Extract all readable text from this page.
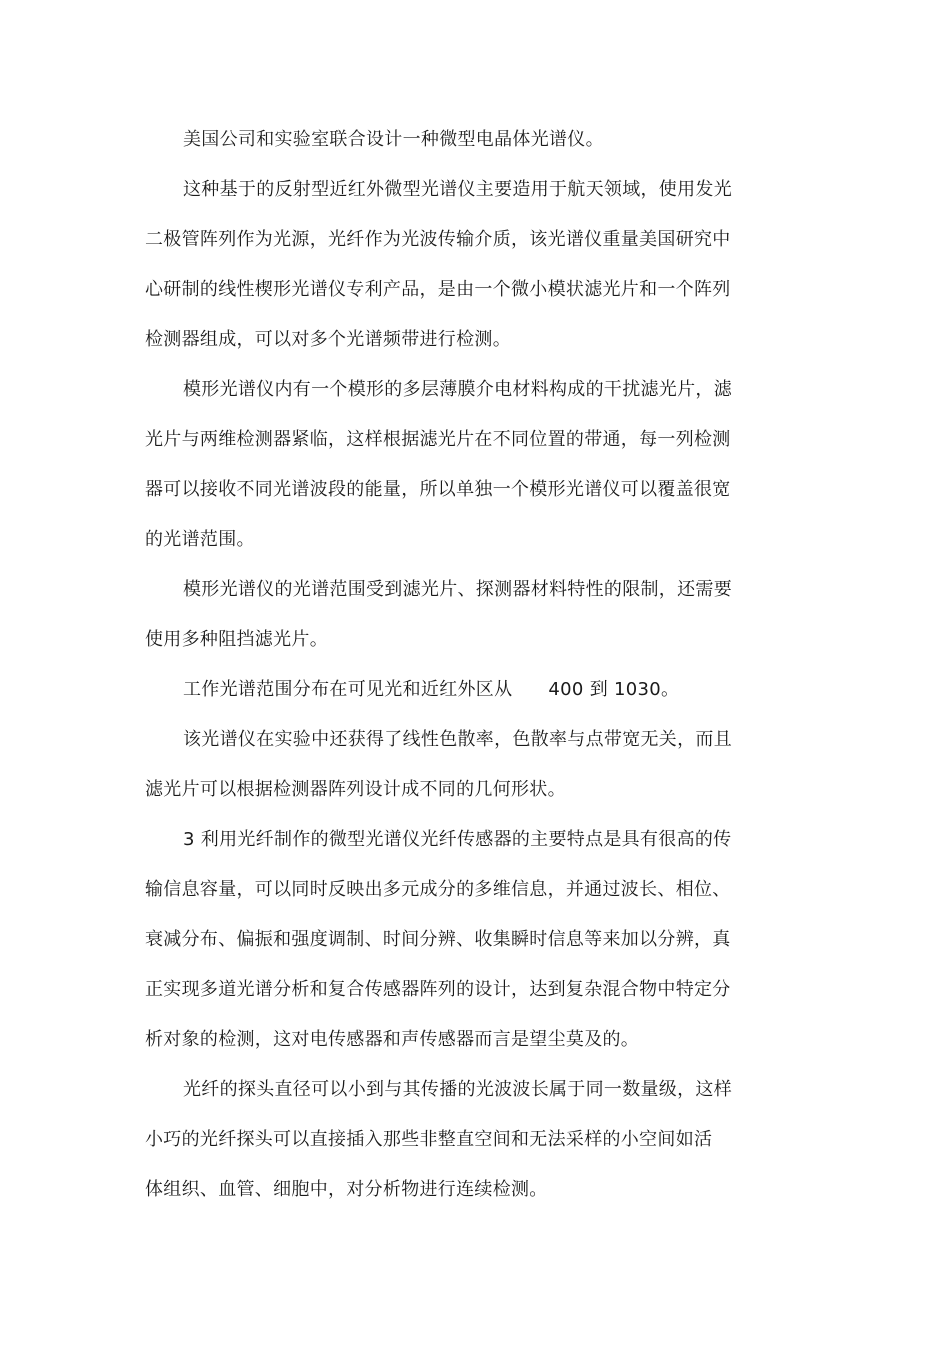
美国公司和实验室联合设计一种微型电晶体光谱仪。
这种基于的反射型近红外微型光谱仪主要造用于航天领域，使用发光
二极管阵列作为光源，光纤作为光波传输介质，该光谱仪重量美国研究中
心研制的线性楔形光谱仪专利产品，是由一个微小模状滤光片和一个阵列
检测器组成，可以对多个光谱频带进行检测。
模形光谱仪内有一个模形的多层薄膜介电材料构成的干扰滤光片，滤
光片与两维检测器紧临，这样根据滤光片在不同位置的带通，每一列检测
器可以接收不同光谱波段的能量，所以单独一个模形光谱仪可以覆盖很宽
的光谱范围。
模形光谱仪的光谱范围受到滤光片、探测器材料特性的限制，还需要
使用多种阻挡滤光片。
工作光谱范围分布在可见光和近红外区从 400 到 1030。
该光谱仪在实验中还获得了线性色散率，色散率与点带宽无关，而且
滤光片可以根据检测器阵列设计成不同的几何形状。
3 利用光纤制作的微型光谱仪光纤传感器的主要特点是具有很高的传
输信息容量，可以同时反映出多元成分的多维信息，并通过波长、相位、
衰减分布、偏振和强度调制、时间分辨、收集瞬时信息等来加以分辨，真
正实现多道光谱分析和复合传感器阵列的设计，达到复杂混合物中特定分
析对象的检测，这对电传感器和声传感器而言是望尘莫及的。
光纤的探头直径可以小到与其传播的光波波长属于同一数量级，这样
小巧的光纤探头可以直接插入那些非整直空间和无法采样的小空间如活
体组织、血管、细胞中，对分析物进行连续检测。
